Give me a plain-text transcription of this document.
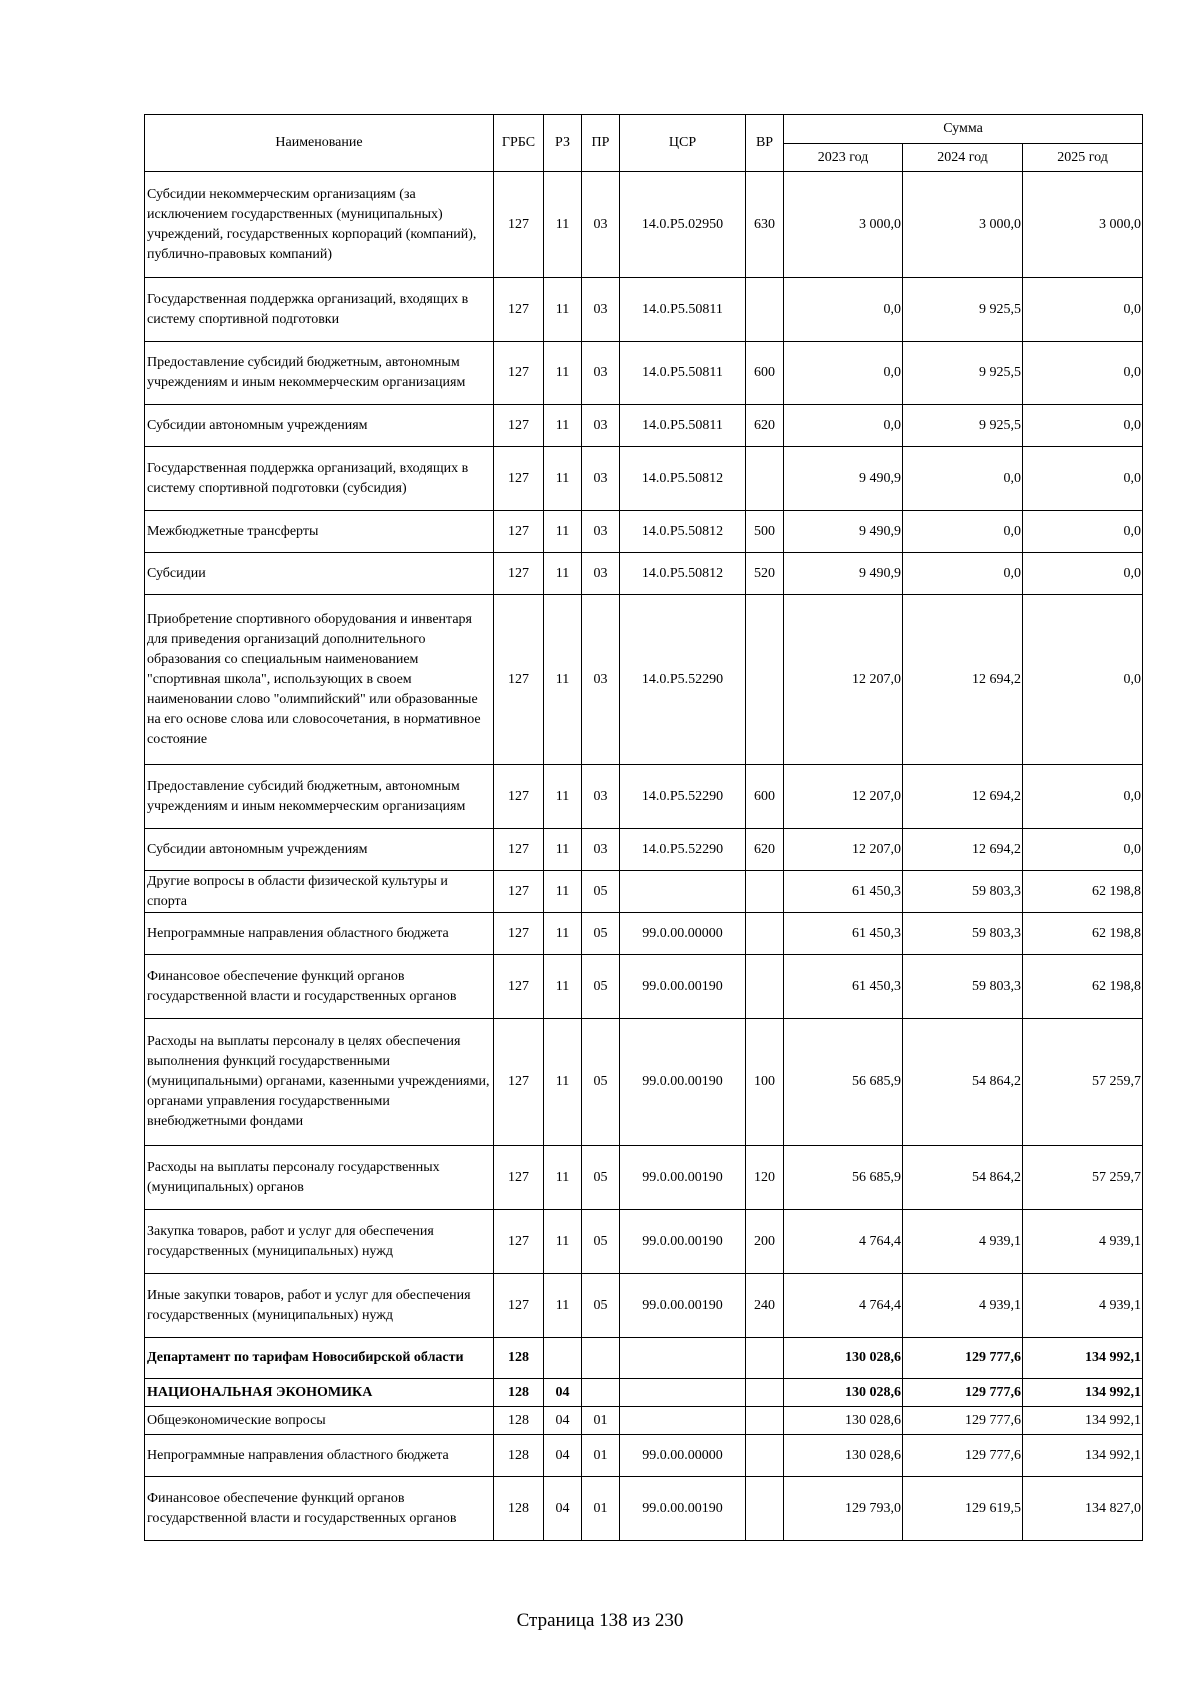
Наименование	ГРБС	РЗ	ПР	ЦСР	ВР	Сумма		
						2023 год	2024 год	2025 год
Субсидии некоммерческим организациям (за исключением государственных (муниципальных) учреждений, государственных корпораций (компаний), публично-правовых компаний)	127	11	03	14.0.P5.02950	630	3 000,0	3 000,0	3 000,0
Государственная поддержка организаций, входящих в систему спортивной подготовки	127	11	03	14.0.P5.50811		0,0	9 925,5	0,0
Предоставление субсидий бюджетным, автономным учреждениям и иным некоммерческим организациям	127	11	03	14.0.P5.50811	600	0,0	9 925,5	0,0
Субсидии автономным учреждениям	127	11	03	14.0.P5.50811	620	0,0	9 925,5	0,0
Государственная поддержка организаций, входящих в систему спортивной подготовки (субсидия)	127	11	03	14.0.P5.50812		9 490,9	0,0	0,0
Межбюджетные трансферты	127	11	03	14.0.P5.50812	500	9 490,9	0,0	0,0
Субсидии	127	11	03	14.0.P5.50812	520	9 490,9	0,0	0,0
Приобретение спортивного оборудования и инвентаря для приведения организаций дополнительного образования со специальным наименованием "спортивная школа", использующих в своем наименовании слово "олимпийский" или образованные на его основе слова или словосочетания, в нормативное состояние	127	11	03	14.0.P5.52290		12 207,0	12 694,2	0,0
Предоставление субсидий бюджетным, автономным учреждениям и иным некоммерческим организациям	127	11	03	14.0.P5.52290	600	12 207,0	12 694,2	0,0
Субсидии автономным учреждениям	127	11	03	14.0.P5.52290	620	12 207,0	12 694,2	0,0
Другие вопросы в области физической культуры и спорта	127	11	05			61 450,3	59 803,3	62 198,8
Непрограммные направления областного бюджета	127	11	05	99.0.00.00000		61 450,3	59 803,3	62 198,8
Финансовое обеспечение функций органов государственной власти и государственных органов	127	11	05	99.0.00.00190		61 450,3	59 803,3	62 198,8
Расходы на выплаты персоналу в целях обеспечения выполнения функций государственными (муниципальными) органами, казенными учреждениями, органами управления государственными внебюджетными фондами	127	11	05	99.0.00.00190	100	56 685,9	54 864,2	57 259,7
Расходы на выплаты персоналу государственных (муниципальных) органов	127	11	05	99.0.00.00190	120	56 685,9	54 864,2	57 259,7
Закупка товаров, работ и услуг для обеспечения государственных (муниципальных) нужд	127	11	05	99.0.00.00190	200	4 764,4	4 939,1	4 939,1
Иные закупки товаров, работ и услуг для обеспечения государственных (муниципальных) нужд	127	11	05	99.0.00.00190	240	4 764,4	4 939,1	4 939,1
Департамент по тарифам Новосибирской области	128					130 028,6	129 777,6	134 992,1
НАЦИОНАЛЬНАЯ ЭКОНОМИКА	128	04				130 028,6	129 777,6	134 992,1
Общеэкономические вопросы	128	04	01			130 028,6	129 777,6	134 992,1
Непрограммные направления областного бюджета	128	04	01	99.0.00.00000		130 028,6	129 777,6	134 992,1
Финансовое обеспечение функций органов государственной власти и государственных органов	128	04	01	99.0.00.00190		129 793,0	129 619,5	134 827,0
Страница 138 из 230
